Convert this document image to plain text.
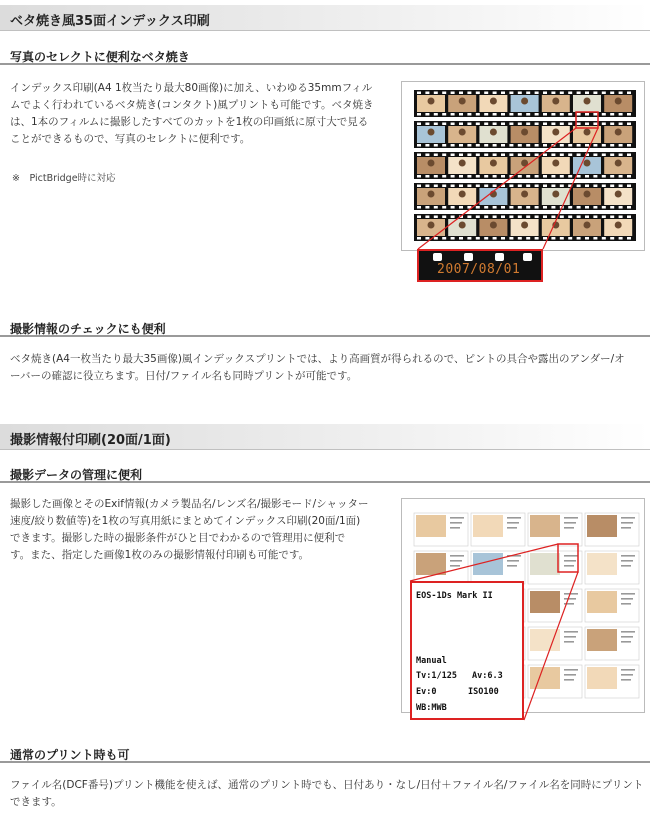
ベタ焼き風35面インデックス印刷
写真のセレクトに便利なベタ焼き
インデックス印刷(A4 1枚当たり最大80画像)に加え、いわゆる35mmフィル
ムでよく行われているベタ焼き(コンタクト)風プリントも可能です。ベタ焼き
は、1本のフィルムに撮影したすべてのカットを1枚の印画紙に原寸大で見る
ことができるもので、写真のセレクトに便利です。
※　PictBridge時に対応
2007/08/01
撮影情報のチェックにも便利
ベタ焼き(A4一枚当たり最大35画像)風インデックスプリントでは、より高画質が得られるので、ピントの具合や露出のアンダー/オ
ーバーの確認に役立ちます。日付/ファイル名も同時プリントが可能です。
撮影情報付印刷(20面/1面)
撮影データの管理に便利
撮影した画像とそのExif情報(カメラ製品名/レンズ名/撮影モード/シャッター
速度/絞り数値等)を1枚の写真用紙にまとめてインデックス印刷(20面/1面)
できます。撮影した時の撮影条件がひと目でわかるので管理用に便利で
す。また、指定した画像1枚のみの撮影情報付印刷も可能です。
EOS-1Ds Mark II
Manual
Tv:1/125 Av:6.3
Ev:0	ISO100
WB:MWB
通常のプリント時も可
ファイル名(DCF番号)プリント機能を使えば、通常のプリント時でも、日付あり・なし/日付＋ファイル名/ファイル名を同時にプリント
できます。
